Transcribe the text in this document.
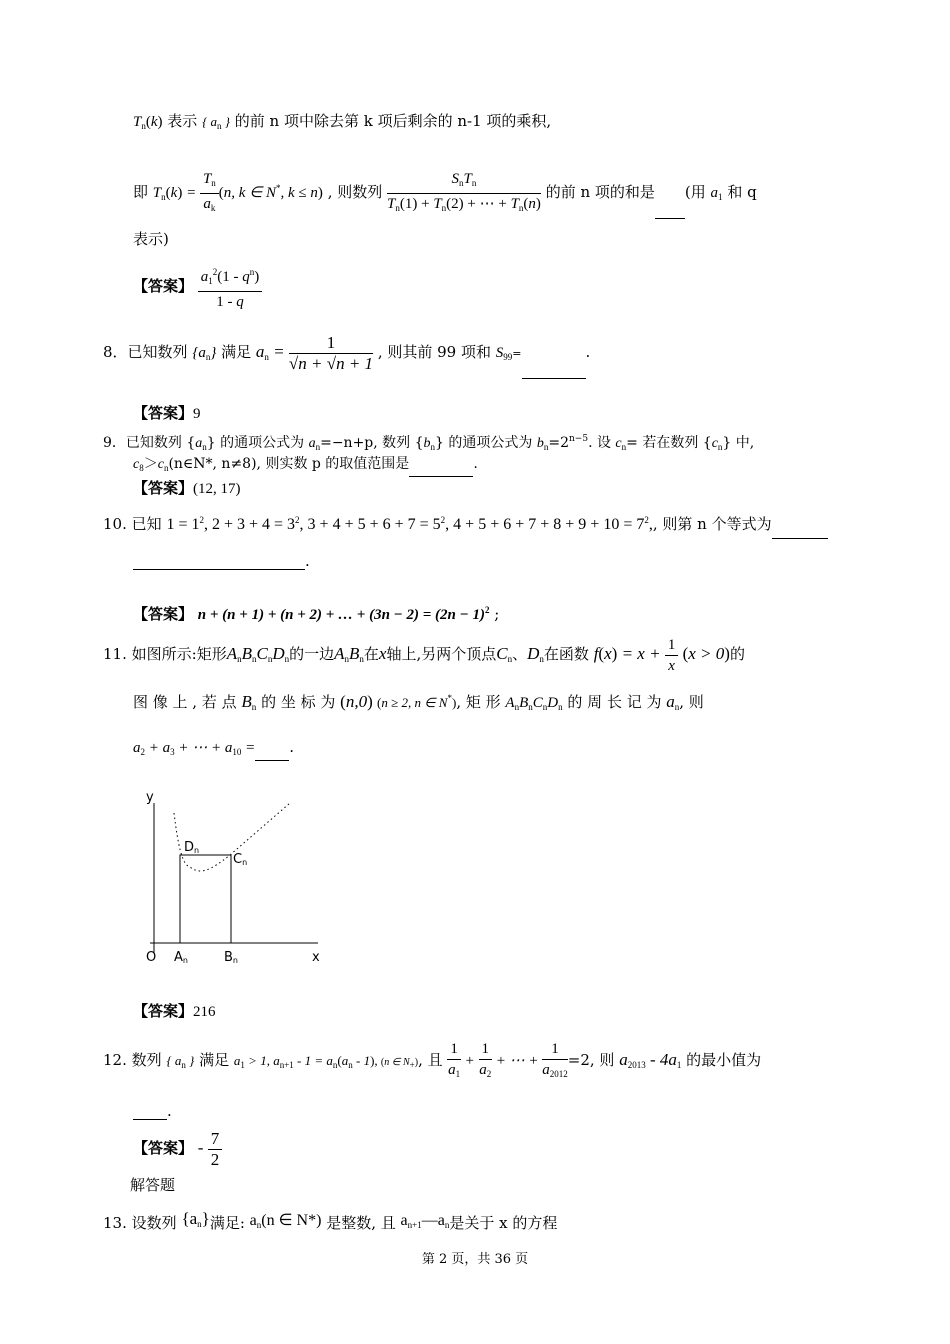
$T_n(k)$ 表示 { $a_n$ } 的前 n 项中除去第 k 项后剩余的 n-1 项的乘积,
即 $T_n(k) = \frac{T_n}{a_k} (n$, k ∈ N*, k ≤ n) , 则数列 $\frac{S_nT_n}{T_n(1) + T_n(2) + \cdots + T_n(n)}$ 的前 n 项的和是 (用 $a_1$ 和 q
表示)
【答案】 $\frac{a_1^2(1 - q^n)}{1 - q}$
8．已知数列 $\{a_n\}$ 满足 $a_n = \frac{1}{√n + √n + 1}$ , 则其前 99 项和 $S_{99}=$	.
【答案】9
9．已知数列 $\{a_n\}$ 的通项公式为 $a_n=-n+p$, 数列 $\{b_n\}$ 的通项公式为 $b_n=2^{n-5}$. 设 $c_n=$ 若在数列 $\{c_n\}$ 中,
$c_8>c_n(n\in N*$, n≠8), 则实数 p 的取值范围是	.
【答案】(12, 17)
10. 已知 $1 = 1^2$, $2 + 3 + 4 = 3^2$, $3 + 4 + 5 + 6 + 7 = 5^2$, $4 + 5 + 6 + 7 + 8 + 9 + 10 = 7^2$,, 则第 n 个等式为
.
【答案】 n + (n + 1) + (n + 2) + … + $(3n - 2) = (2n - 1)^2$ ;
11. 如图所示:矩形$A_nB_nC_nD_n$的一边$A_nB_n$在x轴上,另两个顶点$C_n$、$D_n$在函数 $f(x) = x + \frac{1}{x} (x > 0)$的
图 像 上 , 若 点 $B_n$ 的 坐 标 为 (n,0) (n ≥ 2, n ∈ N*), 矩 形 $A_nB_nC_nD_n$ 的 周 长 记 为 $a_n$, 则
$a_2 + a_3$ + ⋯ + $a_{10}$ = .
y
x
O
Dn
Cn
An	Bn
【答案】216
12. 数列 { $a_n$ } 满足 $a_1 > 1$, $a_{n+1} - 1 = a_n(a_n - 1)$, (n ∈ N+), 且 $\frac{1}{a_1} + \frac{1}{a_2}$ + ⋯ + $\frac{1}{a_{2012}} =2$, 则 $a_{2013} - 4a_1$ 的最小值为
.
【答案】 - $\frac{7}{2}$
解答题
13. 设数列 $\{a_n\}$满足: $a_n(n$ ∈ N*) 是整数, 且 $a_{n+1}—a_n$是关于 x 的方程
第 2 页，共 36 页
